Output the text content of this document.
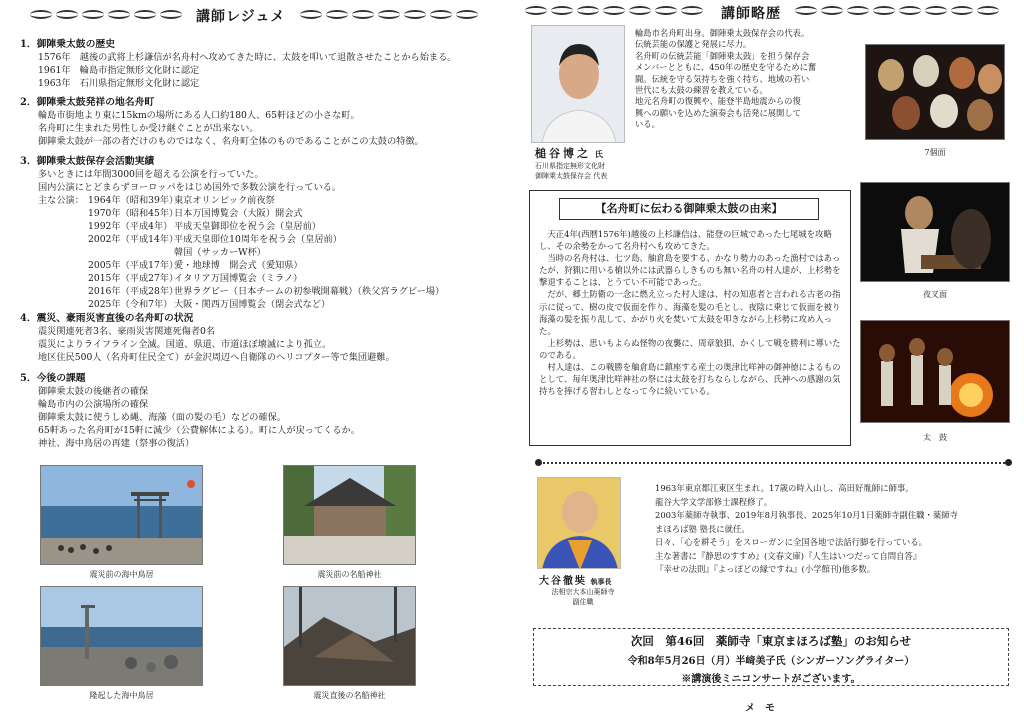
講師レジュメ
1．御陣乗太鼓の歴史
1576年　越後の武将上杉謙信が名舟村へ攻めてきた時に、太鼓を叩いて退散させたことから始まる。
1961年　輪島市指定無形文化財に認定
1963年　石川県指定無形文化財に認定
2．御陣乗太鼓発祥の地名舟町
輪島市街地より東に15kmの場所にある人口約180人、65軒ほどの小さな町。
名舟町に生まれた男性しか受け継ぐことが出来ない。
御陣乗太鼓が一部の者だけのものではなく、名舟町全体のものであることがこの太鼓の特徴。
3．御陣乗太鼓保存会活動実績
多いときには年間3000回を超える公演を行っていた。
国内公演にとどまらずヨーロッパをはじめ国外で多数公演を行っている。
主な公演： 1964年（昭和39年）
東京オリンピック前夜祭
1970年（昭和45年）
日本万国博覧会（大阪）開会式
1992年（平成4年） 平成天皇御即位を祝う会（皇居前）
2002年（平成14年）
平成天皇即位10周年を祝う会（皇居前）
韓国（サッカーW杯）
2005年（平成17年）
愛・地球博　開会式（愛知県）
2015年（平成27年）
イタリア万国博覧会（ミラノ）
2016年（平成28年）
世界ラグビー（日本チームの初参戦開幕戦）（秩父宮ラグビー場）
2025年（令和7年） 大阪・関西万国博覧会（閉会式など）
4．震災、豪雨災害直後の名舟町の状況
震災関連死者3名、豪雨災害関連死傷者0名
震災によりライフライン全滅。国道、県道、市道ほぼ壊滅により孤立。
地区住民500人（名舟町住民全て）が金沢周辺へ自衛隊のヘリコプター等で集団避難。
5．今後の課題
御陣乗太鼓の後継者の確保
輪島市内の公演場所の確保
御陣乗太鼓に使うしめ縄、海藻（面の髪の毛）などの確保。
65軒あった名舟町が15軒に減少（公費解体による）。町に人が戻ってくるか。
神社、海中鳥居の再建（祭事の復活）
震災前の海中鳥居	震災前の名船神社
隆起した海中鳥居	震災直後の名船神社
講師略歴
槌谷博之 氏
石川県指定無形文化財
御陣乗太鼓保存会 代表
輪島市名舟町出身。御陣乗太鼓保存会の代表。
伝統芸能の保護と発展に尽力。
名舟町の伝統芸能「御陣乗太鼓」を担う保存会
メンバーとともに、450年の歴史を守るために奮
闘。伝統を守る気持ちを強く持ち、地域の若い
世代にも太鼓の練習を教えている。
地元名舟町の復興や、能登半島地震からの復
興への願いを込めた演奏会も活発に展開して
いる。
【名舟町に伝わる御陣乗太鼓の由来】

天正4年(西暦1576年)越後の上杉謙信は、能登の巨城であった七尾城を攻略し、その余勢をかって名舟村へも攻めてきた。

当時の名舟村は、七ツ島、舳倉島を要する、かなり勢力のあった漁村ではあったが、狩猟に用いる槍以外には武器らしきものも無い名舟の村人達が、上杉勢を撃退することは、とうてい不可能であった。

だが、郷土防衛の一念に燃え立った村人達は、村の知恵者と言われる古老の指示に従って、樹の皮で仮面を作り、海藻を髪の毛とし、夜陰に乗じて仮面を被り海藻の髪を振り乱して、かがり火を焚いて太鼓を叩きながら上杉勢に攻め入った。

上杉勢は、思いもよらぬ怪物の夜襲に、周章狼狽、かくして戦を勝利に導いたのである。

村人達は、この戦勝を舳倉島に鎮座する産土の奥津比咩神の御神徳によるものとして、毎年奥津比咩神社の祭には太鼓を打ちならしながら、氏神への感謝の気持ちを捧げる習わしとなって今に続いている。

7個面
夜叉面
太　鼓
大谷徹奘 執事長
法相宗大本山薬師寺
副住職
1963年東京都江東区生まれ。17歳の時入山し、高田好胤師に師事。
龍谷大学文学部修士課程修了。
2003年薬師寺執事、2019年8月執事長、2025年10月1日薬師寺副住職・薬師寺
まほろば塾 塾長に就任。
日々、「心を耕そう」をスローガンに全国各地で法話行脚を行っている。
主な著書に『静思のすすめ』(文春文庫)『人生はいつだって自問自答』
『幸せの法則』『よっぽどの縁ですね』(小学館刊)他多数。
次回　第46回　薬師寺「東京まほろば塾」のお知らせ
令和8年5月26日（月）半﨑美子氏（シンガーソングライター）
※講演後ミニコンサートがございます。
メ　モ
